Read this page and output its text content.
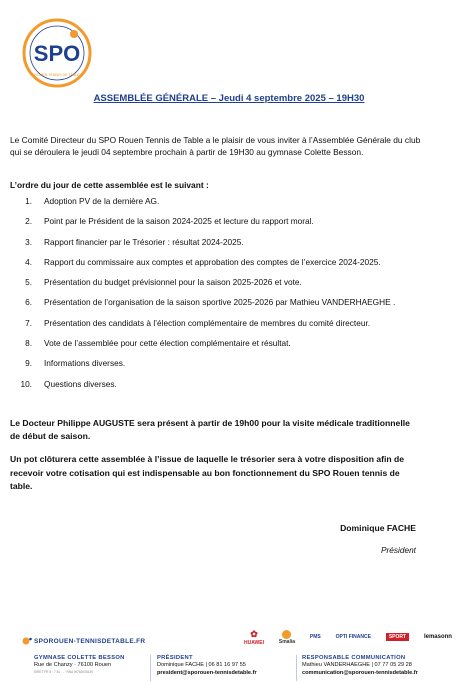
SPO
ROUEN TENNIS DE TABLE
ASSEMBLÉE GÉNÉRALE – Jeudi 4 septembre 2025 – 19H30
Le Comité Directeur du SPO Rouen Tennis de Table a le plaisir de vous inviter à l’Assemblée Générale du club qui se déroulera le jeudi 04 septembre prochain à partir de 19H30 au gymnase Colette Besson.
L’ordre du jour de cette assemblée est le suivant :
1.	Adoption PV de la dernière AG.
2.	Point par le Président de la saison 2024-2025 et lecture du rapport moral.
3.	Rapport financier par le Trésorier : résultat 2024-2025.
4.	Rapport du commissaire aux comptes et approbation des comptes de l’exercice 2024-2025.
5.	Présentation du budget prévisionnel pour la saison 2025-2026 et vote.
6.	Présentation de l’organisation de la saison sportive 2025-2026 par Mathieu VANDERHAEGHE .
7.	Présentation des candidats à l’élection complémentaire de membres du comité directeur.
8.	Vote de l’assemblée pour cette élection complémentaire et résultat.
9.	Informations diverses.
10.	Questions diverses.
Le Docteur Philippe AUGUSTE sera présent à partir de 19h00 pour la visite médicale traditionnelle de début de saison.
Un pot clôturera cette assemblée à l’issue de laquelle le trésorier sera à votre disposition afin de recevoir votre cotisation qui est indispensable au bon fonctionnement du SPO Rouen tennis de table.
Dominique FACHE
Président
SPOROUEN-TENNISDETABLE.FR
✿
HUAWEI	Smalia
PMS	OPTI FINANCE	SPORT	lemasonn
GYMNASE COLETTE BESSON
Rue de Chanzy · 76100 Rouen
SIRET FR 5 · 7 81 ... · RNA W763006139
PRÉSIDENT
Dominique FACHE | 06 81 16 97 55
president@sporouen-tennisdetable.fr
RESPONSABLE COMMUNICATION
Mathieu VANDERHAEGHE | 07 77 05 29 28
communication@sporouen-tennisdetable.fr
